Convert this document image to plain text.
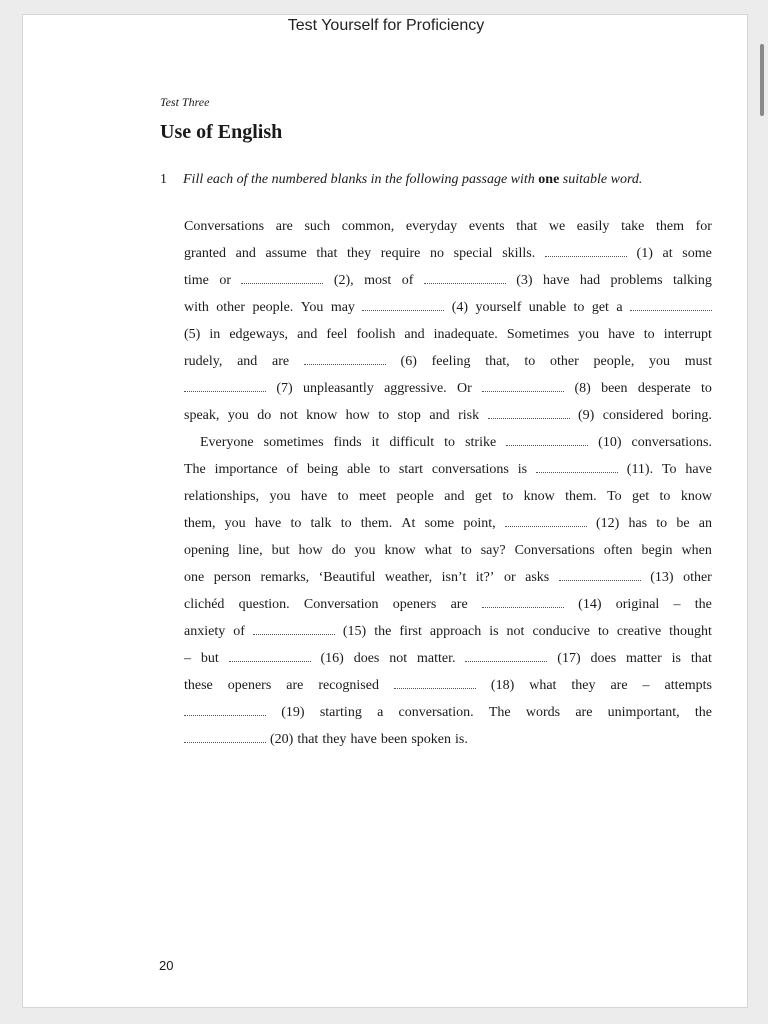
Test Yourself for Proficiency
Test Three
Use of English
1 Fill each of the numbered blanks in the following passage with one suitable word.
Conversations are such common, everyday events that we easily take them for
granted and assume that they require no special skills.	(1) at some
time or	(2), most of	(3) have had problems talking
with other people. You may	(4) yourself unable to get a
(5) in edgeways, and feel foolish and inadequate. Sometimes you have to interrupt
rudely, and are	(6) feeling that, to other people, you must
(7) unpleasantly aggressive. Or	(8) been desperate to
speak, you do not know how to stop and risk	(9) considered boring.
Everyone sometimes finds it difficult to strike	(10) conversations.
The importance of being able to start conversations is	(11). To have
relationships, you have to meet people and get to know them. To get to know
them, you have to talk to them. At some point,	(12) has to be an
opening line, but how do you know what to say? Conversations often begin when
one person remarks, ‘Beautiful weather, isn’t it?’ or asks	(13) other
clichéd question. Conversation openers are	(14) original – the
anxiety of	(15) the first approach is not conducive to creative thought
– but	(16) does not matter.	(17) does matter is that
these openers are recognised	(18) what they are – attempts
(19) starting a conversation. The words are unimportant, the
(20) that they have been spoken is.
20
